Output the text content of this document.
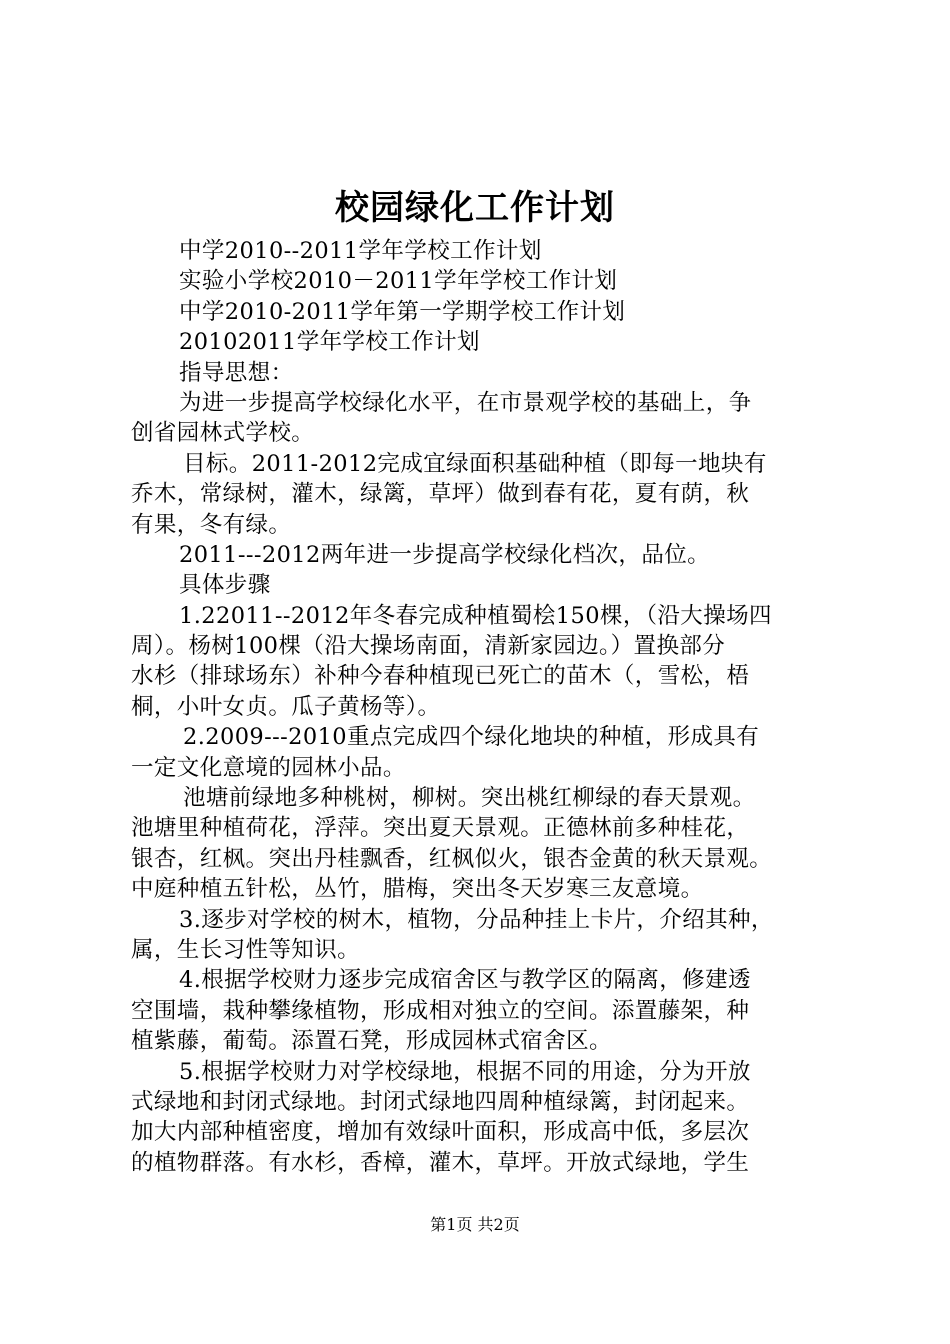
校园绿化工作计划
中学2010--2011学年学校工作计划
实验小学校2010－2011学年学校工作计划
中学2010-2011学年第一学期学校工作计划
20102011学年学校工作计划
指导思想：
为进一步提高学校绿化水平，在市景观学校的基础上，争
创省园林式学校。
目标。2011-2012完成宜绿面积基础种植（即每一地块有
乔木，常绿树，灌木，绿篱，草坪）做到春有花，夏有荫，秋
有果，冬有绿。
2011---2012两年进一步提高学校绿化档次，品位。
具体步骤
1.22011--2012年冬春完成种植蜀桧150棵，（沿大操场四
周）。杨树100棵（沿大操场南面，清新家园边。）置换部分
水杉（排球场东）补种今春种植现已死亡的苗木（，雪松，梧
桐，小叶女贞。瓜子黄杨等）。
2.2009---2010重点完成四个绿化地块的种植，形成具有
一定文化意境的园林小品。
池塘前绿地多种桃树，柳树。突出桃红柳绿的春天景观。
池塘里种植荷花，浮萍。突出夏天景观。正德林前多种桂花，
银杏，红枫。突出丹桂飘香，红枫似火，银杏金黄的秋天景观。
中庭种植五针松，丛竹，腊梅，突出冬天岁寒三友意境。
3.逐步对学校的树木，植物，分品种挂上卡片，介绍其种，
属，生长习性等知识。
4.根据学校财力逐步完成宿舍区与教学区的隔离，修建透
空围墙，栽种攀缘植物，形成相对独立的空间。添置藤架，种
植紫藤，葡萄。添置石凳，形成园林式宿舍区。
5.根据学校财力对学校绿地，根据不同的用途，分为开放
式绿地和封闭式绿地。封闭式绿地四周种植绿篱，封闭起来。
加大内部种植密度，增加有效绿叶面积，形成高中低，多层次
的植物群落。有水杉，香樟，灌木，草坪。开放式绿地，学生
第1页 共2页
